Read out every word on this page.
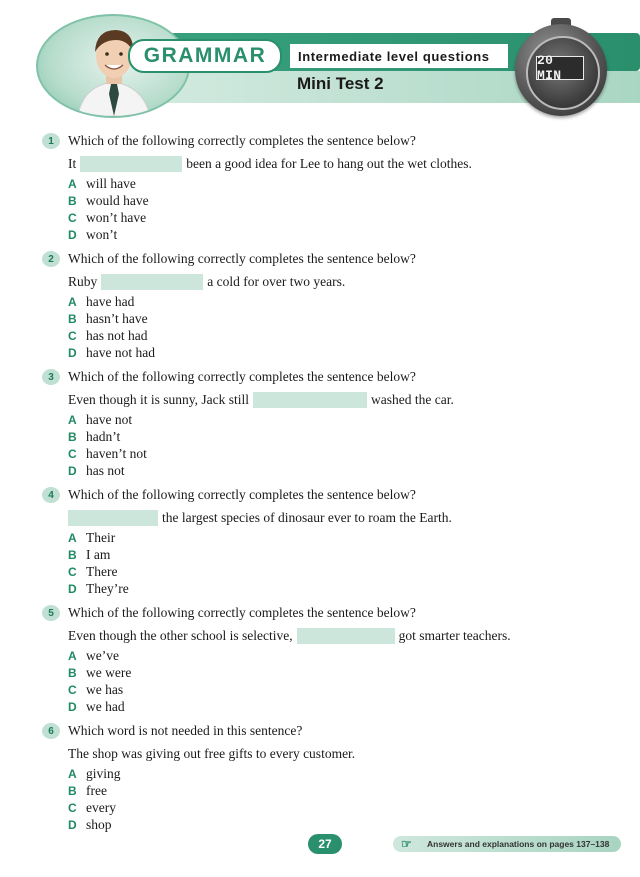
GRAMMAR	Intermediate level questions
Mini Test 2
20 MIN
1	Which of the following correctly completes the sentence below?
It	been a good idea for Lee to hang out the wet clothes.
A will have
B would have
C won’t have
D won’t
2	Which of the following correctly completes the sentence below?
Ruby	a cold for over two years.
A have had
B hasn’t have
C has not had
D have not had
3	Which of the following correctly completes the sentence below?
Even though it is sunny, Jack still	washed the car.
A have not
B hadn’t
C haven’t not
D has not
4	Which of the following correctly completes the sentence below?
the largest species of dinosaur ever to roam the Earth.
A Their
B I am
C There
D They’re
5	Which of the following correctly completes the sentence below?
Even though the other school is selective,	got smarter teachers.
A we’ve
B we were
C we has
D we had
6	Which word is not needed in this sentence?
The shop was giving out free gifts to every customer.
A giving
B free
C every
D shop
27	☞	Answers and explanations on pages 137–138
